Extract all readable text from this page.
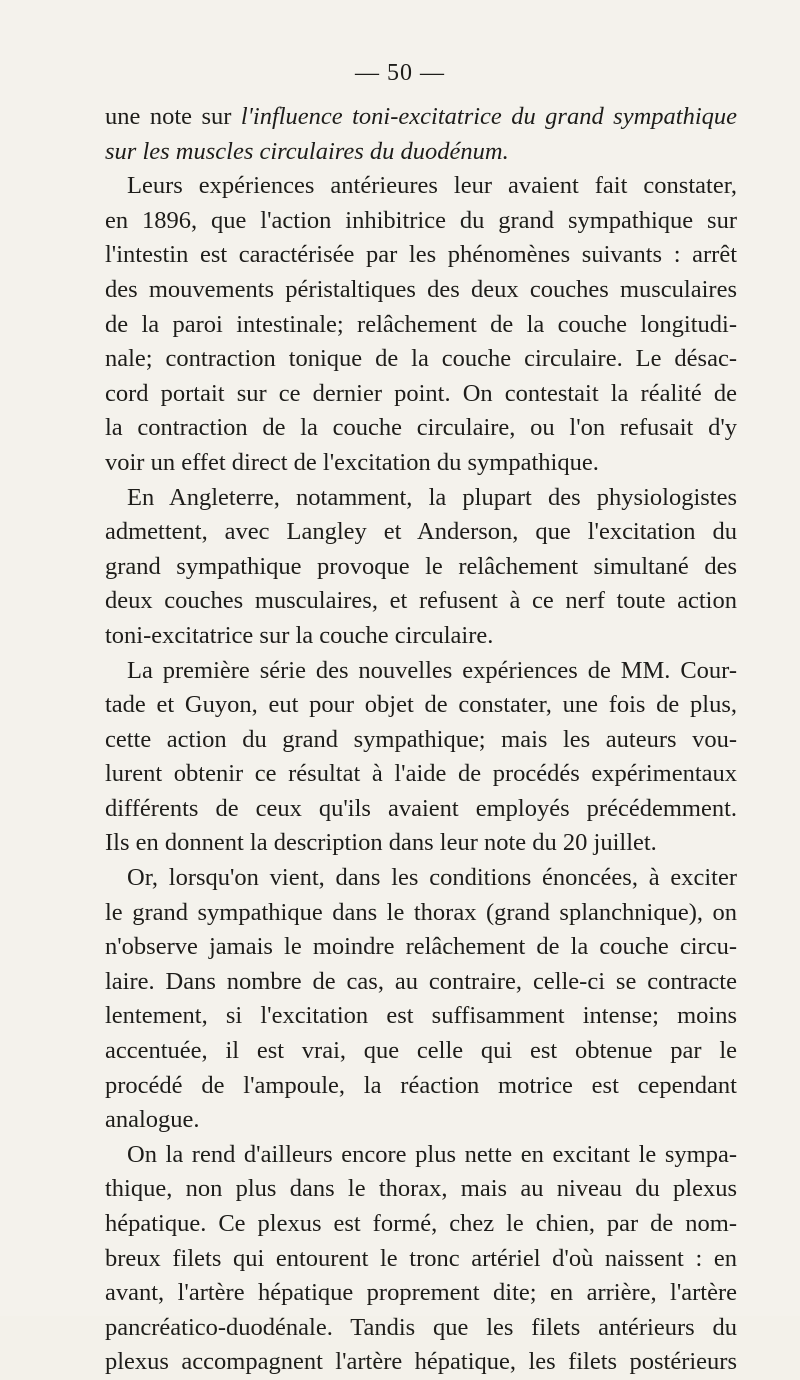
— 50 —
une note sur l'influence toni-excitatrice du grand sympathique
sur les muscles circulaires du duodénum.
Leurs expériences antérieures leur avaient fait constater,
en 1896, que l'action inhibitrice du grand sympathique sur
l'intestin est caractérisée par les phénomènes suivants : arrêt
des mouvements péristaltiques des deux couches musculaires
de la paroi intestinale; relâchement de la couche longitudi-
nale; contraction tonique de la couche circulaire. Le désac-
cord portait sur ce dernier point. On contestait la réalité de
la contraction de la couche circulaire, ou l'on refusait d'y
voir un effet direct de l'excitation du sympathique.
En Angleterre, notamment, la plupart des physiologistes
admettent, avec Langley et Anderson, que l'excitation du
grand sympathique provoque le relâchement simultané des
deux couches musculaires, et refusent à ce nerf toute action
toni-excitatrice sur la couche circulaire.
La première série des nouvelles expériences de MM. Cour-
tade et Guyon, eut pour objet de constater, une fois de plus,
cette action du grand sympathique; mais les auteurs vou-
lurent obtenir ce résultat à l'aide de procédés expérimentaux
différents de ceux qu'ils avaient employés précédemment.
Ils en donnent la description dans leur note du 20 juillet.
Or, lorsqu'on vient, dans les conditions énoncées, à exciter
le grand sympathique dans le thorax (grand splanchnique), on
n'observe jamais le moindre relâchement de la couche circu-
laire. Dans nombre de cas, au contraire, celle-ci se contracte
lentement, si l'excitation est suffisamment intense; moins
accentuée, il est vrai, que celle qui est obtenue par le
procédé de l'ampoule, la réaction motrice est cependant
analogue.
On la rend d'ailleurs encore plus nette en excitant le sympa-
thique, non plus dans le thorax, mais au niveau du plexus
hépatique. Ce plexus est formé, chez le chien, par de nom-
breux filets qui entourent le tronc artériel d'où naissent : en
avant, l'artère hépatique proprement dite; en arrière, l'artère
pancréatico-duodénale. Tandis que les filets antérieurs du
plexus accompagnent l'artère hépatique, les filets postérieurs
